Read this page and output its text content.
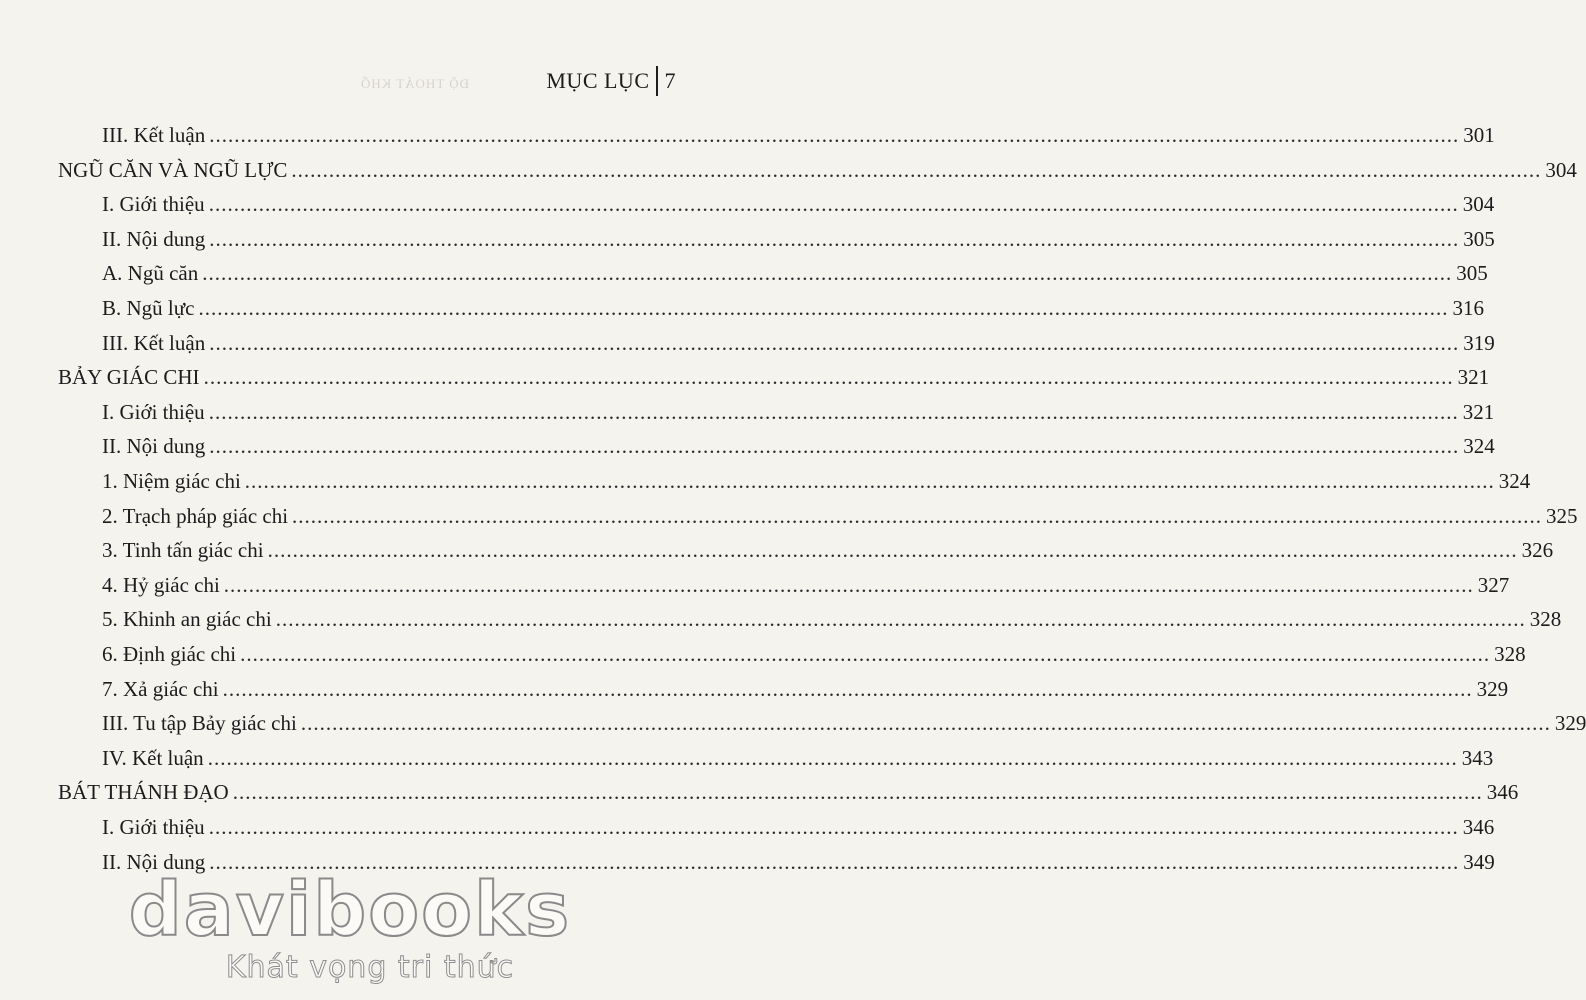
MỤC LỤC 7
ĐỘ THOÁT KHỔ
III. Kết luận ........................................................................................................................................................................................................ 301
NGŨ CĂN VÀ NGŨ LỰC ........................................................................................................................................................................................................ 304
I. Giới thiệu ........................................................................................................................................................................................................ 304
II. Nội dung ........................................................................................................................................................................................................ 305
A. Ngũ căn ........................................................................................................................................................................................................ 305
B. Ngũ lực ........................................................................................................................................................................................................ 316
III. Kết luận ........................................................................................................................................................................................................ 319
BẢY GIÁC CHI ........................................................................................................................................................................................................ 321
I. Giới thiệu ........................................................................................................................................................................................................ 321
II. Nội dung ........................................................................................................................................................................................................ 324
1. Niệm giác chi ........................................................................................................................................................................................................ 324
2. Trạch pháp giác chi ........................................................................................................................................................................................................ 325
3. Tinh tấn giác chi ........................................................................................................................................................................................................ 326
4. Hỷ giác chi ........................................................................................................................................................................................................ 327
5. Khinh an giác chi ........................................................................................................................................................................................................ 328
6. Định giác chi ........................................................................................................................................................................................................ 328
7. Xả giác chi ........................................................................................................................................................................................................ 329
III. Tu tập Bảy giác chi ........................................................................................................................................................................................................ 329
IV. Kết luận ........................................................................................................................................................................................................ 343
BÁT THÁNH ĐẠO ........................................................................................................................................................................................................ 346
I. Giới thiệu ........................................................................................................................................................................................................ 346
II. Nội dung ........................................................................................................................................................................................................ 349
davibooks
Khát vọng tri thức
